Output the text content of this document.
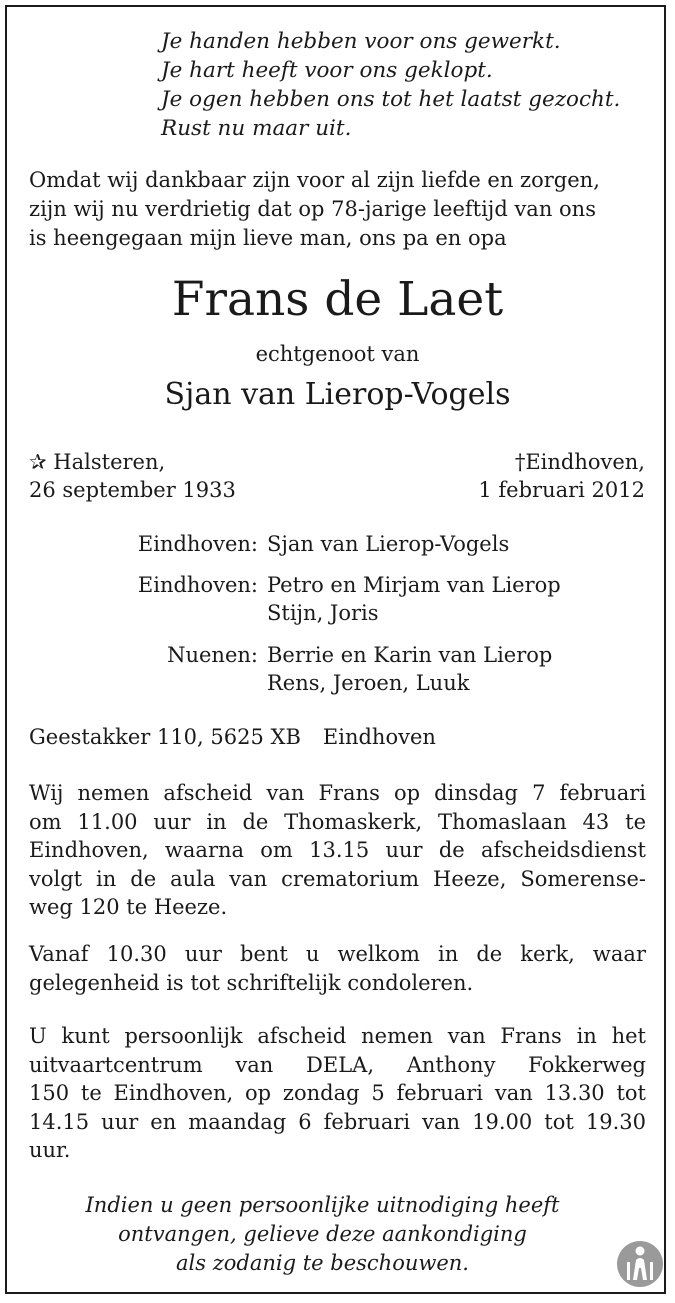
Je handen hebben voor ons gewerkt.
Je hart heeft voor ons geklopt.
Je ogen hebben ons tot het laatst gezocht.
Rust nu maar uit.
Omdat wij dankbaar zijn voor al zijn liefde en zorgen,
zijn wij nu verdrietig dat op 78-jarige leeftijd van ons
is heengegaan mijn lieve man, ons pa en opa
Frans de Laet
echtgenoot van
Sjan van Lierop-Vogels
✰ Halsteren,
26 september 1933
†Eindhoven,
1 februari 2012
Eindhoven: Sjan van Lierop-Vogels
Eindhoven: Petro en Mirjam van Lierop
Stijn, Joris
Nuenen: Berrie en Karin van Lierop
Rens, Jeroen, Luuk
Geestakker 110, 5625 XB Eindhoven
Wij nemen afscheid van Frans op dinsdag 7 februari
om 11.00 uur in de Thomaskerk, Thomaslaan 43 te
Eindhoven, waarna om 13.15 uur de afscheidsdienst
volgt in de aula van crematorium Heeze, Somerense-
weg 120 te Heeze.
Vanaf 10.30 uur bent u welkom in de kerk, waar
gelegenheid is tot schriftelijk condoleren.
U kunt persoonlijk afscheid nemen van Frans in het
uitvaartcentrum van DELA, Anthony Fokkerweg
150 te Eindhoven, op zondag 5 februari van 13.30 tot
14.15 uur en maandag 6 februari van 19.00 tot 19.30
uur.
Indien u geen persoonlijke uitnodiging heeft
ontvangen, gelieve deze aankondiging
als zodanig te beschouwen.
